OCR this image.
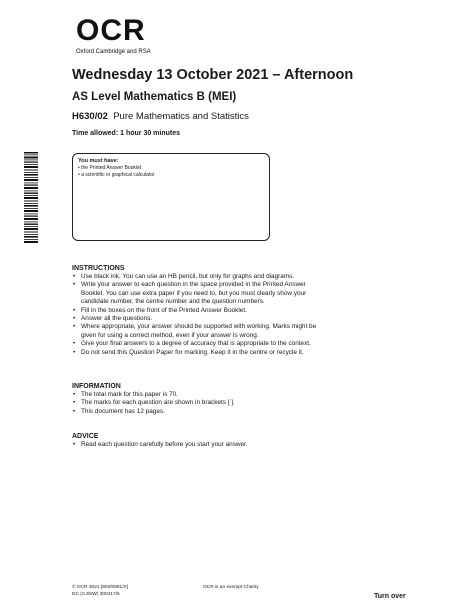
OCR
Oxford Cambridge and RSA
Wednesday 13 October 2021 – Afternoon
AS Level Mathematics B (MEI)
H630/02 Pure Mathematics and Statistics
Time allowed: 1 hour 30 minutes
You must have:
• the Printed Answer Booklet
• a scientific or graphical calculator
INSTRUCTIONS
• Use black ink. You can use an HB pencil, but only for graphs and diagrams.
• Write your answer to each question in the space provided in the Printed Answer
Booklet. You can use extra paper if you need to, but you must clearly show your
candidate number, the centre number and the question numbers.
• Fill in the boxes on the front of the Printed Answer Booklet.
• Answer all the questions.
• Where appropriate, your answer should be supported with working. Marks might be
given for using a correct method, even if your answer is wrong.
• Give your final answers to a degree of accuracy that is appropriate to the context.
• Do not send this Question Paper for marking. Keep it in the centre or recycle it.
INFORMATION
• The total mark for this paper is 70.
• The marks for each question are shown in brackets [ ].
• This document has 12 pages.
ADVICE
• Read each question carefully before you start your answer.
© OCR 2021 [603/0991/X]
DC (CJ/SW) 300417/5
OCR is an exempt Charity
Turn over
